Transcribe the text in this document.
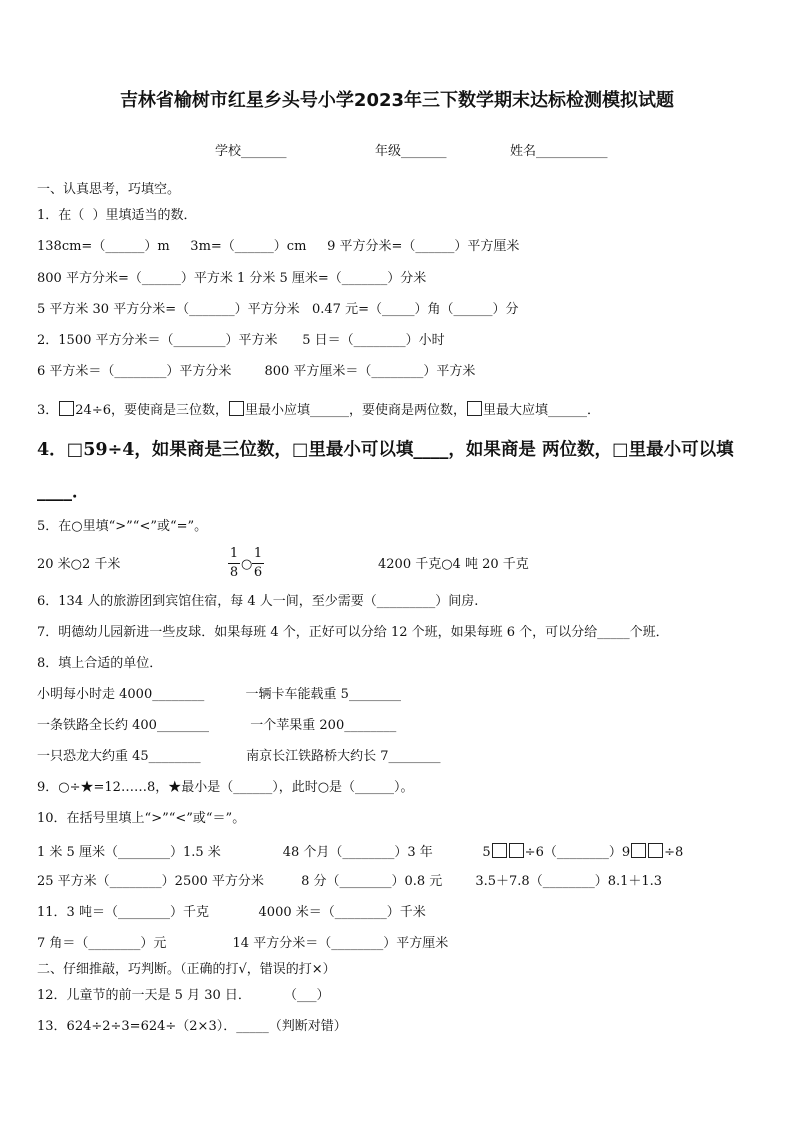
吉林省榆树市红星乡头号小学2023年三下数学期末达标检测模拟试题
学校_______	年级_______	姓名___________
一、认真思考，巧填空。
1．在（  ）里填适当的数．
138cm=（______）m     3m=（______）cm     9 平方分米=（______）平方厘米
800 平方分米=（______）平方米 1 分米 5 厘米=（_______）分米
5 平方米 30 平方分米=（_______）平方分米   0.47 元=（_____）角（______）分
2．1500 平方分米＝（________）平方米      5 日＝（________）小时
6 平方米＝（________）平方分米        800 平方厘米＝（________）平方米
3． 24÷6，要使商是三位数， 里最小应填______，要使商是两位数， 里最大应填______．
4．□59÷4，如果商是三位数，□里最小可以填____，如果商是 两位数，□里最小可以填
____．
5．在○里填“>”“<”或“=”。
20 米○2 千米
1
8
○
1
6
4200 千克○4 吨 20 千克
6．134 人的旅游团到宾馆住宿，每 4 人一间，至少需要（_________）间房.
7．明德幼儿园新进一些皮球．如果每班 4 个，正好可以分给 12 个班，如果每班 6 个，可以分给_____个班．
8．填上合适的单位．
小明每小时走 4000________          一辆卡车能载重 5________
一条铁路全长约 400________          一个苹果重 200________
一只恐龙大约重 45________           南京长江铁路桥大约长 7________
9．○÷★=12……8，★最小是（______），此时○是（______）。
10．在括号里填上“>”“<”或“＝”。
1 米 5 厘米（________）1.5 米               48 个月（________）3 年            5	÷6（________）9	÷8
25 平方米（________）2500 平方分米         8 分（________）0.8 元        3.5＋7.8（________）8.1＋1.3
11．3 吨＝（________）千克            4000 米＝（________）千米
7 角＝（________）元                14 平方分米＝（________）平方厘米
二、仔细推敲，巧判断。（正确的打√，错误的打×）
12．儿童节的前一天是 5 月 30 日．        （___）
13．624÷2÷3=624÷（2×3）．_____（判断对错）
